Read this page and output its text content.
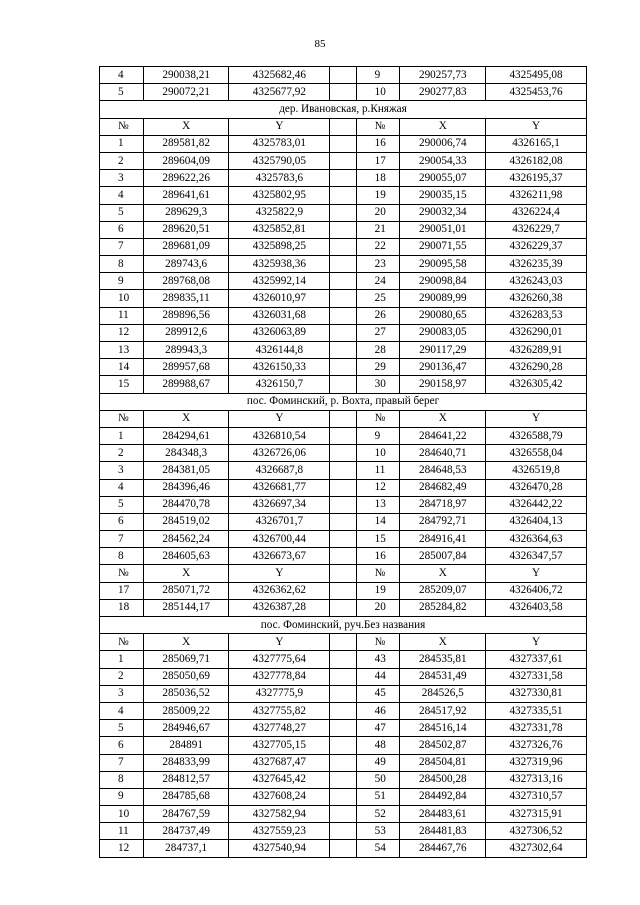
85
4	290038,21	4325682,46		9	290257,73	4325495,08
5	290072,21	4325677,92		10	290277,83	4325453,76
дер. Ивановская, р.Княжая						
№	X	Y		№	X	Y
1	289581,82	4325783,01		16	290006,74	4326165,1
2	289604,09	4325790,05		17	290054,33	4326182,08
3	289622,26	4325783,6		18	290055,07	4326195,37
4	289641,61	4325802,95		19	290035,15	4326211,98
5	289629,3	4325822,9		20	290032,34	4326224,4
6	289620,51	4325852,81		21	290051,01	4326229,7
7	289681,09	4325898,25		22	290071,55	4326229,37
8	289743,6	4325938,36		23	290095,58	4326235,39
9	289768,08	4325992,14		24	290098,84	4326243,03
10	289835,11	4326010,97		25	290089,99	4326260,38
11	289896,56	4326031,68		26	290080,65	4326283,53
12	289912,6	4326063,89		27	290083,05	4326290,01
13	289943,3	4326144,8		28	290117,29	4326289,91
14	289957,68	4326150,33		29	290136,47	4326290,28
15	289988,67	4326150,7		30	290158,97	4326305,42
пос. Фоминский, р. Вохта, правый берег						
№	X	Y		№	X	Y
1	284294,61	4326810,54		9	284641,22	4326588,79
2	284348,3	4326726,06		10	284640,71	4326558,04
3	284381,05	4326687,8		11	284648,53	4326519,8
4	284396,46	4326681,77		12	284682,49	4326470,28
5	284470,78	4326697,34		13	284718,97	4326442,22
6	284519,02	4326701,7		14	284792,71	4326404,13
7	284562,24	4326700,44		15	284916,41	4326364,63
8	284605,63	4326673,67		16	285007,84	4326347,57
№	X	Y		№	X	Y
17	285071,72	4326362,62		19	285209,07	4326406,72
18	285144,17	4326387,28		20	285284,82	4326403,58
пос. Фоминский, руч.Без названия						
№	X	Y		№	X	Y
1	285069,71	4327775,64		43	284535,81	4327337,61
2	285050,69	4327778,84		44	284531,49	4327331,58
3	285036,52	4327775,9		45	284526,5	4327330,81
4	285009,22	4327755,82		46	284517,92	4327335,51
5	284946,67	4327748,27		47	284516,14	4327331,78
6	284891	4327705,15		48	284502,87	4327326,76
7	284833,99	4327687,47		49	284504,81	4327319,96
8	284812,57	4327645,42		50	284500,28	4327313,16
9	284785,68	4327608,24		51	284492,84	4327310,57
10	284767,59	4327582,94		52	284483,61	4327315,91
11	284737,49	4327559,23		53	284481,83	4327306,52
12	284737,1	4327540,94		54	284467,76	4327302,64
